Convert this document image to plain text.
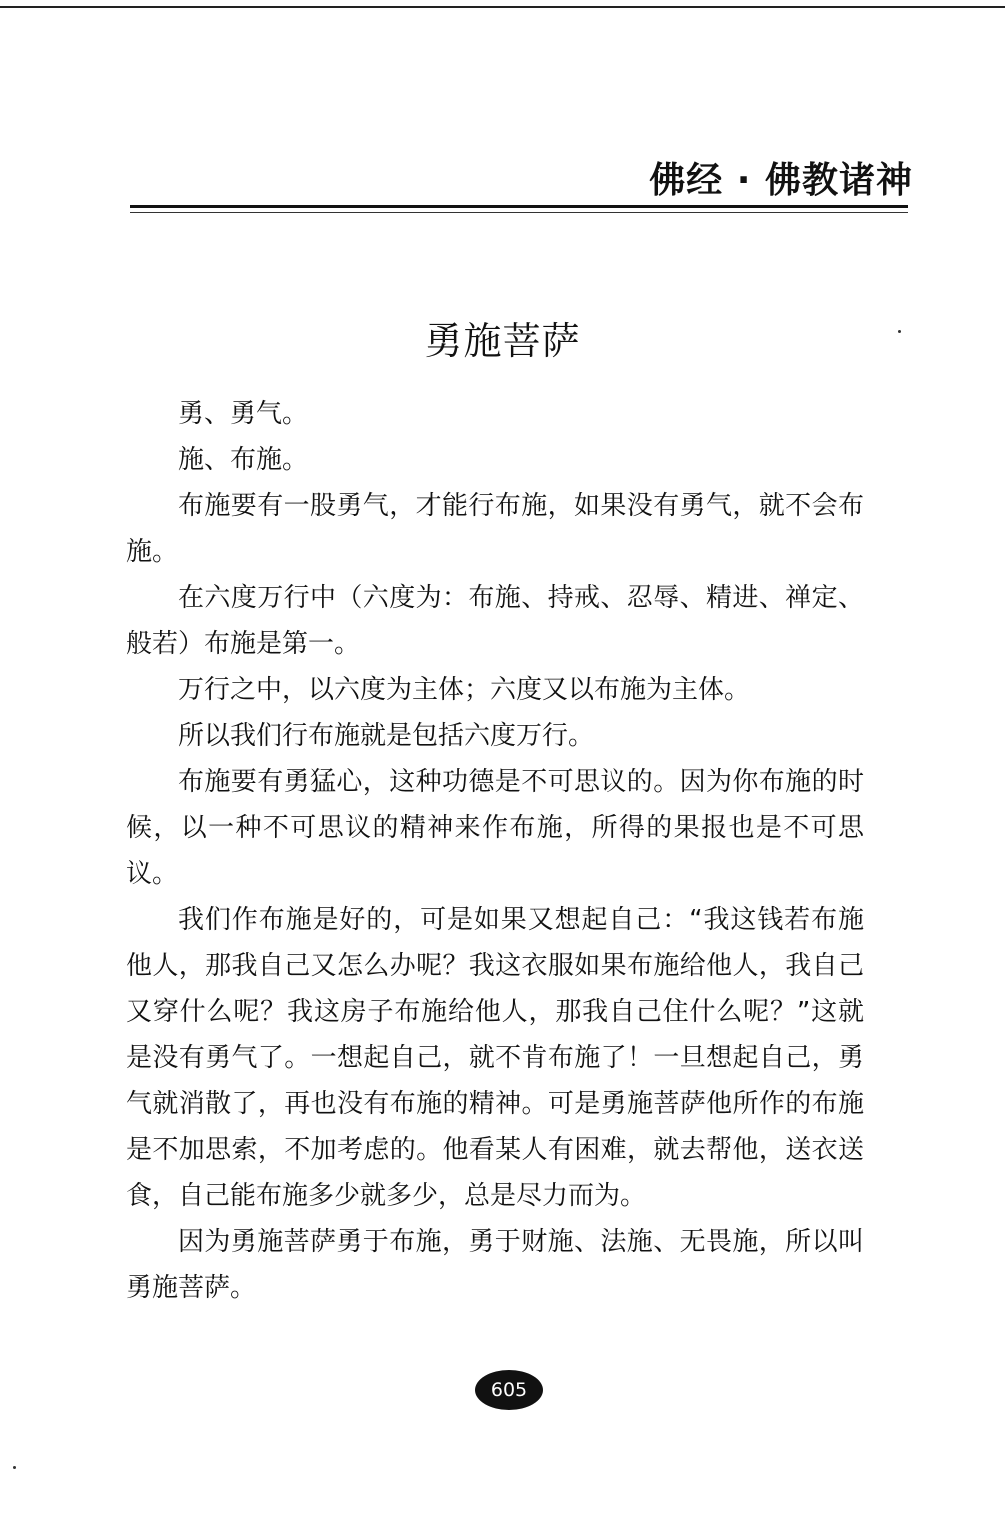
佛经 · 佛教诸神
勇施菩萨

勇、勇气。

施、布施。

布施要有一股勇气，才能行布施，如果没有勇气，就不会布施。

在六度万行中（六度为：布施、持戒、忍辱、精进、禅定、般若）布施是第一。

万行之中，以六度为主体；六度又以布施为主体。

所以我们行布施就是包括六度万行。

布施要有勇猛心，这种功德是不可思议的。因为你布施的时候，以一种不可思议的精神来作布施，所得的果报也是不可思议。

我们作布施是好的，可是如果又想起自己：“我这钱若布施他人，那我自己又怎么办呢？我这衣服如果布施给他人，我自己又穿什么呢？我这房子布施给他人，那我自己住什么呢？”这就是没有勇气了。一想起自己，就不肯布施了！一旦想起自己，勇气就消散了，再也没有布施的精神。可是勇施菩萨他所作的布施是不加思索，不加考虑的。他看某人有困难，就去帮他，送衣送食，自己能布施多少就多少，总是尽力而为。

因为勇施菩萨勇于布施，勇于财施、法施、无畏施，所以叫勇施菩萨。

605
